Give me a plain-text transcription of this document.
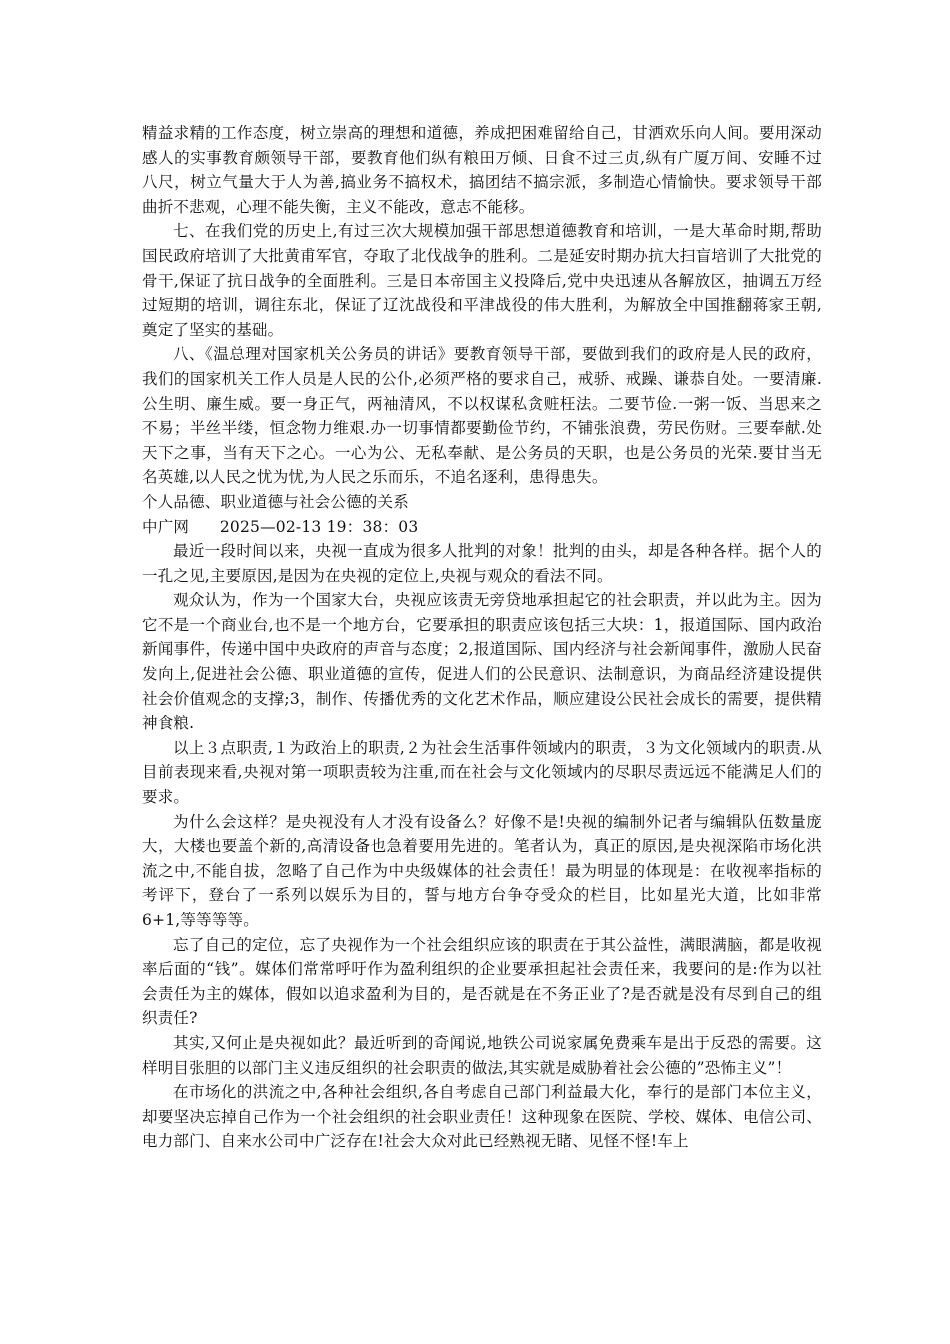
精益求精的工作态度，树立崇高的理想和道德，养成把困难留给自己，甘洒欢乐向人间。要用深动感人的实事教育颇领导干部，要教育他们纵有粮田万倾、日食不过三贞,纵有广厦万间、安睡不过八尺，树立气量大于人为善,搞业务不搞权术，搞团结不搞宗派，多制造心情愉快。要求领导干部曲折不悲观，心理不能失衡，主义不能改，意志不能移。

七、在我们党的历史上,有过三次大规模加强干部思想道德教育和培训，一是大革命时期,帮助国民政府培训了大批黄甫军官，夺取了北伐战争的胜利。二是延安时期办抗大扫盲培训了大批党的骨干,保证了抗日战争的全面胜利。三是日本帝国主义投降后,党中央迅速从各解放区，抽调五万经过短期的培训，调往东北，保证了辽沈战役和平津战役的伟大胜利，为解放全中国推翻蒋家王朝,奠定了坚实的基础。

八、《温总理对国家机关公务员的讲话》要教育领导干部，要做到我们的政府是人民的政府，我们的国家机关工作人员是人民的公仆,必须严格的要求自己，戒骄、戒躁、谦恭自处。一要清廉.公生明、廉生威。要一身正气，两袖清风，不以权谋私贪赃枉法。二要节俭.一粥一饭、当思来之不易；半丝半缕，恒念物力维艰.办一切事情都要勤俭节约，不铺张浪费，劳民伤财。三要奉献.处天下之事，当有天下之心。一心为公、无私奉献、是公务员的天职，也是公务员的光荣.要甘当无名英雄,以人民之忧为忧,为人民之乐而乐，不追名逐利，患得患失。

个人品德、职业道德与社会公德的关系

中广网      2025—02-13 19：38：03

最近一段时间以来，央视一直成为很多人批判的对象！批判的由头，却是各种各样。据个人的一孔之见,主要原因,是因为在央视的定位上,央视与观众的看法不同。

观众认为，作为一个国家大台，央视应该责无旁贷地承担起它的社会职责，并以此为主。因为它不是一个商业台,也不是一个地方台，它要承担的职责应该包括三大块：1，报道国际、国内政治新闻事件，传递中国中央政府的声音与态度；2,报道国际、国内经济与社会新闻事件，激励人民奋发向上,促进社会公德、职业道德的宣传，促进人们的公民意识、法制意识，为商品经济建设提供社会价值观念的支撑;3，制作、传播优秀的文化艺术作品，顺应建设公民社会成长的需要，提供精神食粮.

以上３点职责,１为政治上的职责,２为社会生活事件领域内的职责，３为文化领域内的职责.从目前表现来看,央视对第一项职责较为注重,而在社会与文化领域内的尽职尽责远远不能满足人们的要求。

为什么会这样？是央视没有人才没有设备么？好像不是!央视的编制外记者与编辑队伍数量庞大，大楼也要盖个新的,高清设备也急着要用先进的。笔者认为，真正的原因,是央视深陷市场化洪流之中,不能自拔，忽略了自己作为中央级媒体的社会责任！最为明显的体现是：在收视率指标的考评下，登台了一系列以娱乐为目的，誓与地方台争夺受众的栏目，比如星光大道，比如非常 6+1,等等等等。

忘了自己的定位，忘了央视作为一个社会组织应该的职责在于其公益性，满眼满脑，都是收视率后面的“钱”。媒体们常常呼吁作为盈利组织的企业要承担起社会责任来，我要问的是:作为以社会责任为主的媒体，假如以追求盈利为目的，是否就是在不务正业了?是否就是没有尽到自己的组织责任?

其实,又何止是央视如此？最近听到的奇闻说,地铁公司说家属免费乘车是出于反恐的需要。这样明目张胆的以部门主义违反组织的社会职责的做法,其实就是威胁着社会公德的”恐怖主义”！

在市场化的洪流之中,各种社会组织,各自考虑自己部门利益最大化，奉行的是部门本位主义，却要坚决忘掉自己作为一个社会组织的社会职业责任！这种现象在医院、学校、媒体、电信公司、电力部门、自来水公司中广泛存在!社会大众对此已经熟视无睹、见怪不怪!车上
